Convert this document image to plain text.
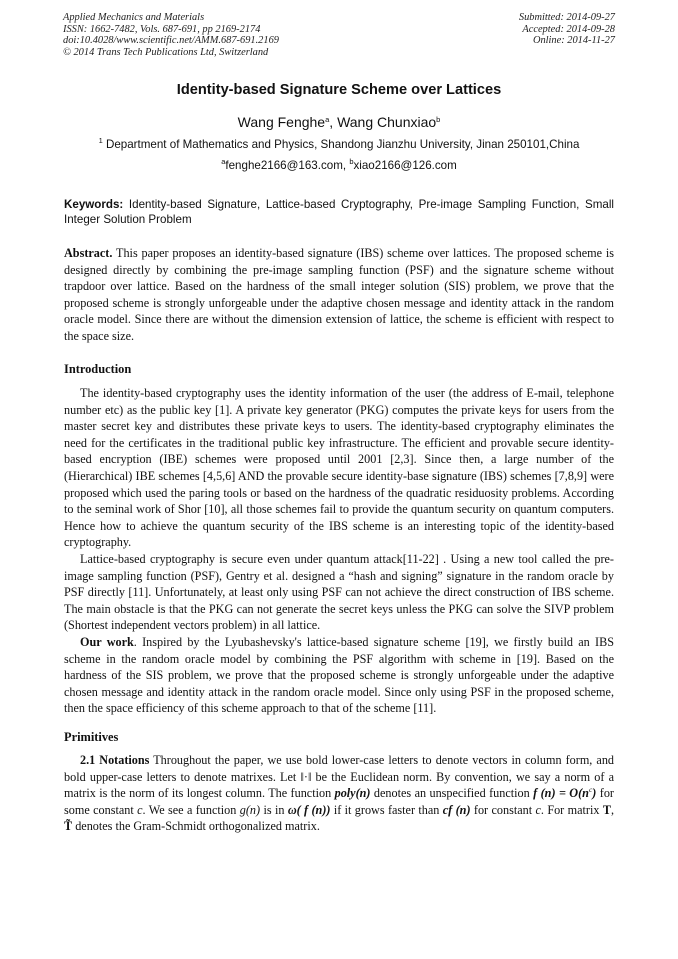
Applied Mechanics and Materials
ISSN: 1662-7482, Vols. 687-691, pp 2169-2174
doi:10.4028/www.scientific.net/AMM.687-691.2169
© 2014 Trans Tech Publications Ltd, Switzerland
Submitted: 2014-09-27
Accepted: 2014-09-28
Online: 2014-11-27
Identity-based Signature Scheme over Lattices
Wang Fenghe$^a$, Wang Chunxiao$^b$
$^1$ Department of Mathematics and Physics, Shandong Jianzhu University, Jinan 250101,China
$^a$fenghe2166@163.com, $^b$xiao2166@126.com
Keywords: Identity-based Signature, Lattice-based Cryptography, Pre-image Sampling Function, Small Integer Solution Problem
Abstract. This paper proposes an identity-based signature (IBS) scheme over lattices. The proposed scheme is designed directly by combining the pre-image sampling function (PSF) and the signature scheme without trapdoor over lattice. Based on the hardness of the small integer solution (SIS) problem, we prove that the proposed scheme is strongly unforgeable under the adaptive chosen message and identity attack in the random oracle model. Since there are without the dimension extension of lattice, the scheme is efficient with respect to the space size.
Introduction

The identity-based cryptography uses the identity information of the user (the address of E-mail, telephone number etc) as the public key [1]. A private key generator (PKG) computes the private keys for users from the master secret key and distributes these private keys to users. The identity-based cryptography eliminates the need for the certificates in the traditional public key infrastructure. The efficient and provable secure identity-based encryption (IBE) schemes were proposed until 2001 [2,3]. Since then, a large number of the (Hierarchical) IBE schemes [4,5,6] AND the provable secure identity-base signature (IBS) schemes [7,8,9] were proposed which used the paring tools or based on the hardness of the quadratic residuosity problems. According to the seminal work of Shor [10], all those schemes fail to provide the quantum security on quantum computers. Hence how to achieve the quantum security of the IBS scheme is an interesting topic of the identity-based cryptography.

Lattice-based cryptography is secure even under quantum attack[11-22] . Using a new tool called the pre-image sampling function (PSF), Gentry et al. designed a “hash and signing” signature in the random oracle by PSF directly [11]. Unfortunately, at least only using PSF can not achieve the direct construction of IBS scheme. The main obstacle is that the PKG can not generate the secret keys unless the PKG can solve the SIVP problem (Shortest independent vectors problem) in all lattice.

Our work. Inspired by the Lyubashevsky's lattice-based signature scheme [19], we firstly build an IBS scheme in the random oracle model by combining the PSF algorithm with scheme in [19]. Based on the hardness of the SIS problem, we prove that the proposed scheme is strongly unforgeable under the adaptive chosen message and identity attack in the random oracle model. Since only using PSF in the proposed scheme, then the space efficiency of this scheme approach to that of the scheme [11].

Primitives

2.1 Notations Throughout the paper, we use bold lower-case letters to denote vectors in column form, and bold upper-case letters to denote matrixes. Let ‖·‖ be the Euclidean norm. By convention, we say a norm of a matrix is the norm of its longest column. The function poly(n) denotes an unspecified function f $(n) = O(n^c)$ for some constant c. We see a function g(n) is in ω( f (n)) if it grows faster than cf (n) for constant c. For matrix T, T̃ denotes the Gram-Schmidt orthogonalized matrix.
